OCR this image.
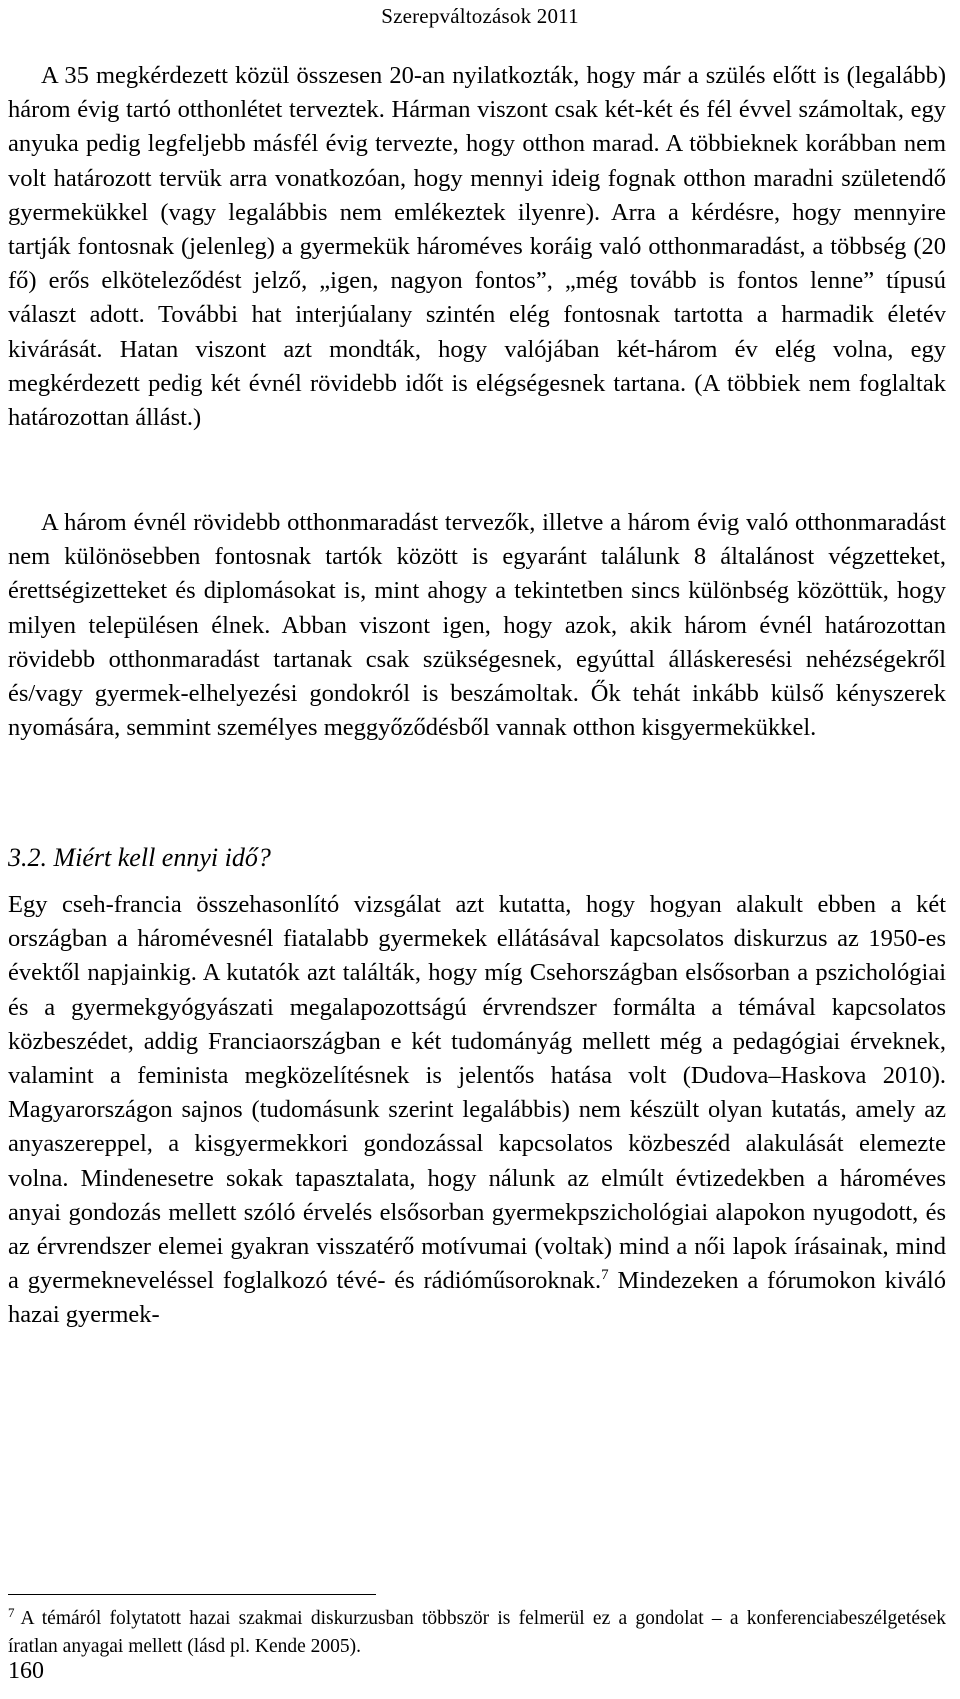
Szerepváltozások 2011

A 35 megkérdezett közül összesen 20-an nyilatkozták, hogy már a szülés előtt is (legalább) három évig tartó otthonlétet terveztek. Hárman viszont csak két-két és fél évvel számoltak, egy anyuka pedig legfeljebb másfél évig tervezte, hogy otthon marad. A többieknek korábban nem volt határozott tervük arra vonatkozóan, hogy mennyi ideig fognak otthon maradni születendő gyermekükkel (vagy legalábbis nem emlékeztek ilyenre). Arra a kérdésre, hogy mennyire tartják fontosnak (jelenleg) a gyermekük hároméves koráig való otthonmaradást, a többség (20 fő) erős elköteleződést jelző, „igen, nagyon fontos”, „még tovább is fontos lenne” típusú választ adott. További hat interjúalany szintén elég fontosnak tartotta a harmadik életév kivárását. Hatan viszont azt mondták, hogy valójában két-három év elég volna, egy megkérdezett pedig két évnél rövidebb időt is elégségesnek tartana. (A többiek nem foglaltak határozottan állást.)

A három évnél rövidebb otthonmaradást tervezők, illetve a három évig való otthonmaradást nem különösebben fontosnak tartók között is egyaránt találunk 8 általánost végzetteket, érettségizetteket és diplomásokat is, mint ahogy a tekintetben sincs különbség közöttük, hogy milyen településen élnek. Abban viszont igen, hogy azok, akik három évnél határozottan rövidebb otthonmaradást tartanak csak szükségesnek, egyúttal álláskeresési nehézségekről és/vagy gyermek-elhelyezési gondokról is beszámoltak. Ők tehát inkább külső kényszerek nyomására, semmint személyes meggyőződésből vannak otthon kisgyermekükkel.

3.2. Miért kell ennyi idő?

Egy cseh-francia összehasonlító vizsgálat azt kutatta, hogy hogyan alakult ebben a két országban a háromévesnél fiatalabb gyermekek ellátásával kapcsolatos diskurzus az 1950-es évektől napjainkig. A kutatók azt találták, hogy míg Csehországban elsősorban a pszichológiai és a gyermekgyógyászati megalapozottságú érvrendszer formálta a témával kapcsolatos közbeszédet, addig Franciaországban e két tudományág mellett még a pedagógiai érveknek, valamint a feminista megközelítésnek is jelentős hatása volt (Dudova–Haskova 2010). Magyarországon sajnos (tudomásunk szerint legalábbis) nem készült olyan kutatás, amely az anyaszereppel, a kisgyermekkori gondozással kapcsolatos közbeszéd alakulását elemezte volna. Mindenesetre sokak tapasztalata, hogy nálunk az elmúlt évtizedekben a hároméves anyai gondozás mellett szóló érvelés elsősorban gyermekpszichológiai alapokon nyugodott, és az érvrendszer elemei gyakran visszatérő motívumai (voltak) mind a női lapok írásainak, mind a gyermekneveléssel foglalkozó tévé- és rádióműsoroknak.$^7$ Mindezeken a fórumokon kiváló hazai gyermek-

$^7$ A témáról folytatott hazai szakmai diskurzusban többször is felmerül ez a gondolat – a konferenciabeszélgetések íratlan anyagai mellett (lásd pl. Kende 2005).

160
